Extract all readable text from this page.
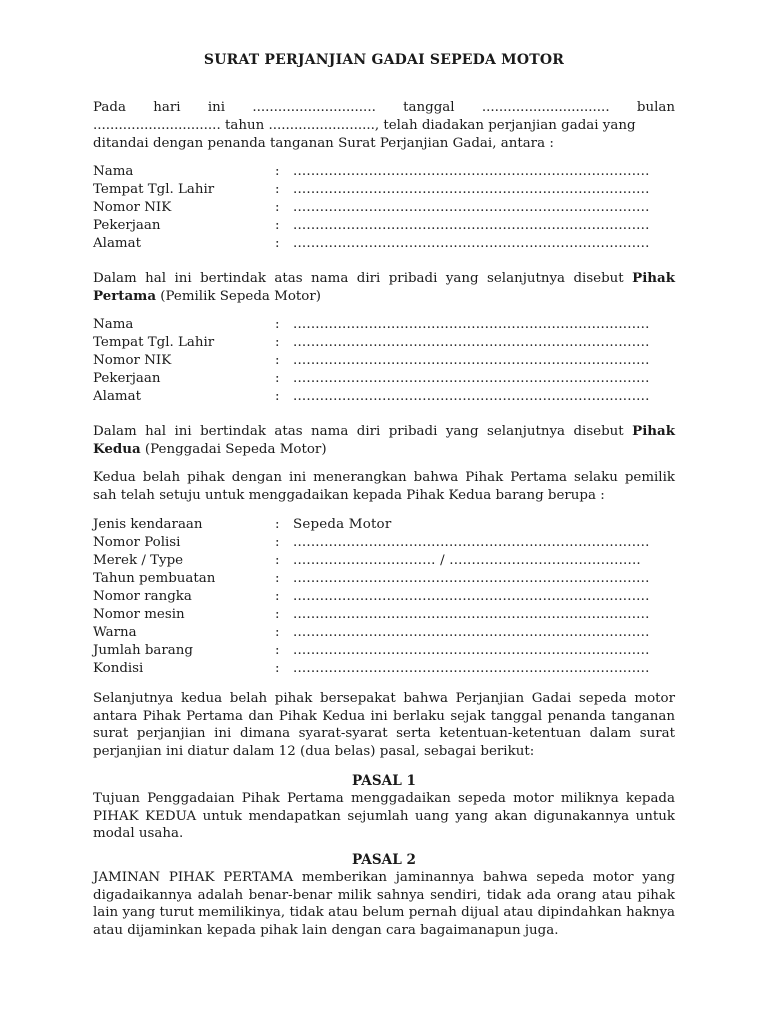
SURAT PERJANJIAN GADAI SEPEDA MOTOR
Pada hari ini ............................. tanggal .............................. bulan
.............................. tahun ........................., telah diadakan perjanjian gadai yang
ditandai dengan penanda tanganan Surat Perjanjian Gadai, antara :
Nama	: ................................................................................
Tempat Tgl. Lahir	: ................................................................................
Nomor NIK	: ................................................................................
Pekerjaan	: ................................................................................
Alamat	: ................................................................................
Dalam hal ini bertindak atas nama diri pribadi yang selanjutnya disebut Pihak
Pertama (Pemilik Sepeda Motor)
Nama	: ................................................................................
Tempat Tgl. Lahir	: ................................................................................
Nomor NIK	: ................................................................................
Pekerjaan	: ................................................................................
Alamat	: ................................................................................
Dalam hal ini bertindak atas nama diri pribadi yang selanjutnya disebut Pihak
Kedua (Penggadai Sepeda Motor)
Kedua belah pihak dengan ini menerangkan bahwa Pihak Pertama selaku pemilik sah telah setuju untuk menggadaikan kepada Pihak Kedua barang berupa :
Jenis kendaraan	: Sepeda Motor
Nomor Polisi	: ................................................................................
Merek / Type	: ................................ / ...........................................
Tahun pembuatan	: ................................................................................
Nomor rangka	: ................................................................................
Nomor mesin	: ................................................................................
Warna	: ................................................................................
Jumlah barang	: ................................................................................
Kondisi	: ................................................................................
Selanjutnya kedua belah pihak bersepakat bahwa Perjanjian Gadai sepeda motor antara Pihak Pertama dan Pihak Kedua ini berlaku sejak tanggal penanda tanganan surat perjanjian ini dimana syarat-syarat serta ketentuan-ketentuan dalam surat perjanjian ini diatur dalam 12 (dua belas) pasal, sebagai berikut:
PASAL 1
Tujuan Penggadaian Pihak Pertama menggadaikan sepeda motor miliknya kepada PIHAK KEDUA untuk mendapatkan sejumlah uang yang akan digunakannya untuk modal usaha.
PASAL 2
JAMINAN PIHAK PERTAMA memberikan jaminannya bahwa sepeda motor yang digadaikannya adalah benar-benar milik sahnya sendiri, tidak ada orang atau pihak lain yang turut memilikinya, tidak atau belum pernah dijual atau dipindahkan haknya atau dijaminkan kepada pihak lain dengan cara bagaimanapun juga.
